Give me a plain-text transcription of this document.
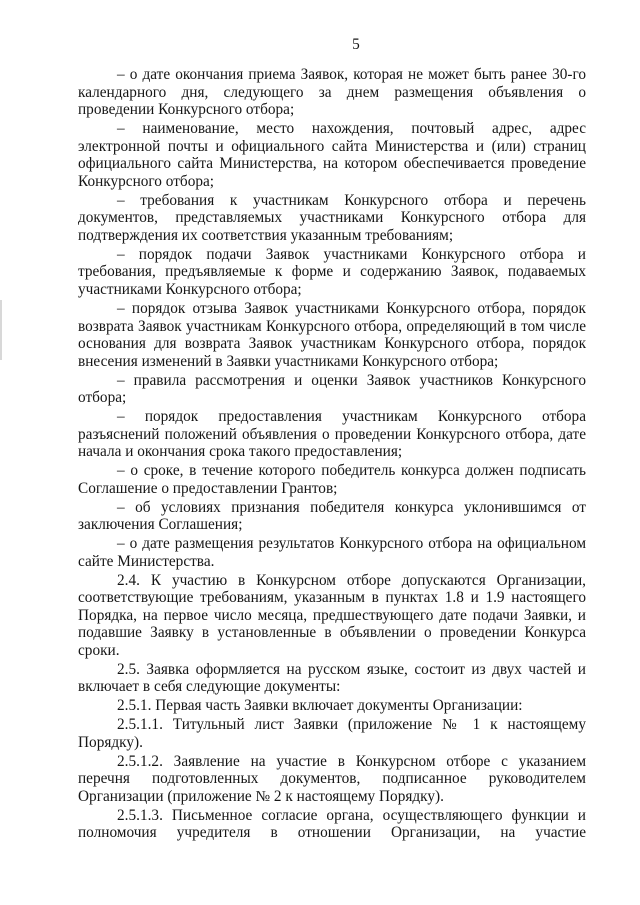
5

– о дате окончания приема Заявок, которая не может быть ранее 30-го календарного дня, следующего за днем размещения объявления о проведении Конкурсного отбора;

– наименование, место нахождения, почтовый адрес, адрес электронной почты и официального сайта Министерства и (или) страниц официального сайта Министерства, на котором обеспечивается проведение Конкурсного отбора;

– требования к участникам Конкурсного отбора и перечень документов, представляемых участниками Конкурсного отбора для подтверждения их соответствия указанным требованиям;

– порядок подачи Заявок участниками Конкурсного отбора и требования, предъявляемые к форме и содержанию Заявок, подаваемых участниками Конкурсного отбора;

– порядок отзыва Заявок участниками Конкурсного отбора, порядок возврата Заявок участникам Конкурсного отбора, определяющий в том числе основания для возврата Заявок участникам Конкурсного отбора, порядок внесения изменений в Заявки участниками Конкурсного отбора;

– правила рассмотрения и оценки Заявок участников Конкурсного отбора;

– порядок предоставления участникам Конкурсного отбора разъяснений положений объявления о проведении Конкурсного отбора, дате начала и окончания срока такого предоставления;

– о сроке, в течение которого победитель конкурса должен подписать Соглашение о предоставлении Грантов;

– об условиях признания победителя конкурса уклонившимся от заключения Соглашения;

– о дате размещения результатов Конкурсного отбора на официальном сайте Министерства.

2.4. К участию в Конкурсном отборе допускаются Организации, соответствующие требованиям, указанным в пунктах 1.8 и 1.9 настоящего Порядка, на первое число месяца, предшествующего дате подачи Заявки, и подавшие Заявку в установленные в объявлении о проведении Конкурса сроки.

2.5. Заявка оформляется на русском языке, состоит из двух частей и включает в себя следующие документы:

2.5.1. Первая часть Заявки включает документы Организации:

2.5.1.1. Титульный лист Заявки (приложение № 1 к настоящему Порядку).

2.5.1.2. Заявление на участие в Конкурсном отборе с указанием перечня подготовленных документов, подписанное руководителем Организации (приложение № 2 к настоящему Порядку).

2.5.1.3. Письменное согласие органа, осуществляющего функции и полномочия учредителя в отношении Организации, на участие
